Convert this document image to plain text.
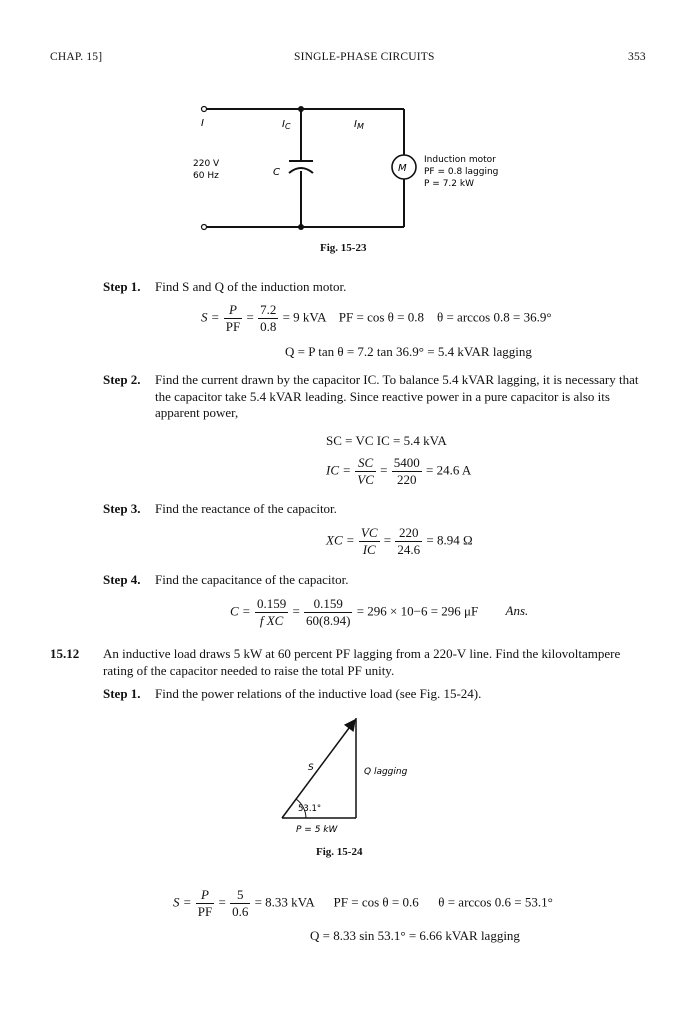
CHAP. 15]	SINGLE-PHASE CIRCUITS	353
I	$I_C$	$I_M$
220 V
60 Hz	C	M
Induction motor
PF = 0.8 lagging
P = 7.2 kW
Fig. 15-23
Step 1. Find S and Q of the induction motor.
$S = \frac{P}{PF} = \frac{7.2}{0.8} = 9$ kVA    PF = cos θ = 0.8    θ = arccos 0.8 = 36.9°
Q = P tan θ = 7.2 tan 36.9° = 5.4 kVAR lagging
Step 2. Find the current drawn by the capacitor IC. To balance 5.4 kVAR lagging, it is necessary that the capacitor take 5.4 kVAR leading. Since reactive power in a pure capacitor is also its apparent power,
SC = VC IC = 5.4 kVA
IC = $\frac{SC}{VC} = \frac{5400}{220} = 24.6$ A
Step 3. Find the reactance of the capacitor.
XC = $\frac{VC}{IC} = \frac{220}{24.6} = 8.94$ Ω
Step 4. Find the capacitance of the capacitor.
$C = \frac{0.159}{\text{f XC}} = \frac{0.159}{60(8.94)} = 296 \times 10-6 = 296$ μF Ans.
15.12 An inductive load draws 5 kW at 60 percent PF lagging from a 220-V line. Find the kilovoltampere rating of the capacitor needed to raise the total PF unity.
Step 1. Find the power relations of the inductive load (see Fig. 15-24).
S	Q lagging
53.1°
P = 5 kW
Fig. 15-24
$S = \frac{P}{PF} = \frac{5}{0.6} = 8.33$ kVA      PF = cos θ = 0.6      θ = arccos 0.6 = 53.1°
Q = 8.33 sin 53.1° = 6.66 kVAR lagging
